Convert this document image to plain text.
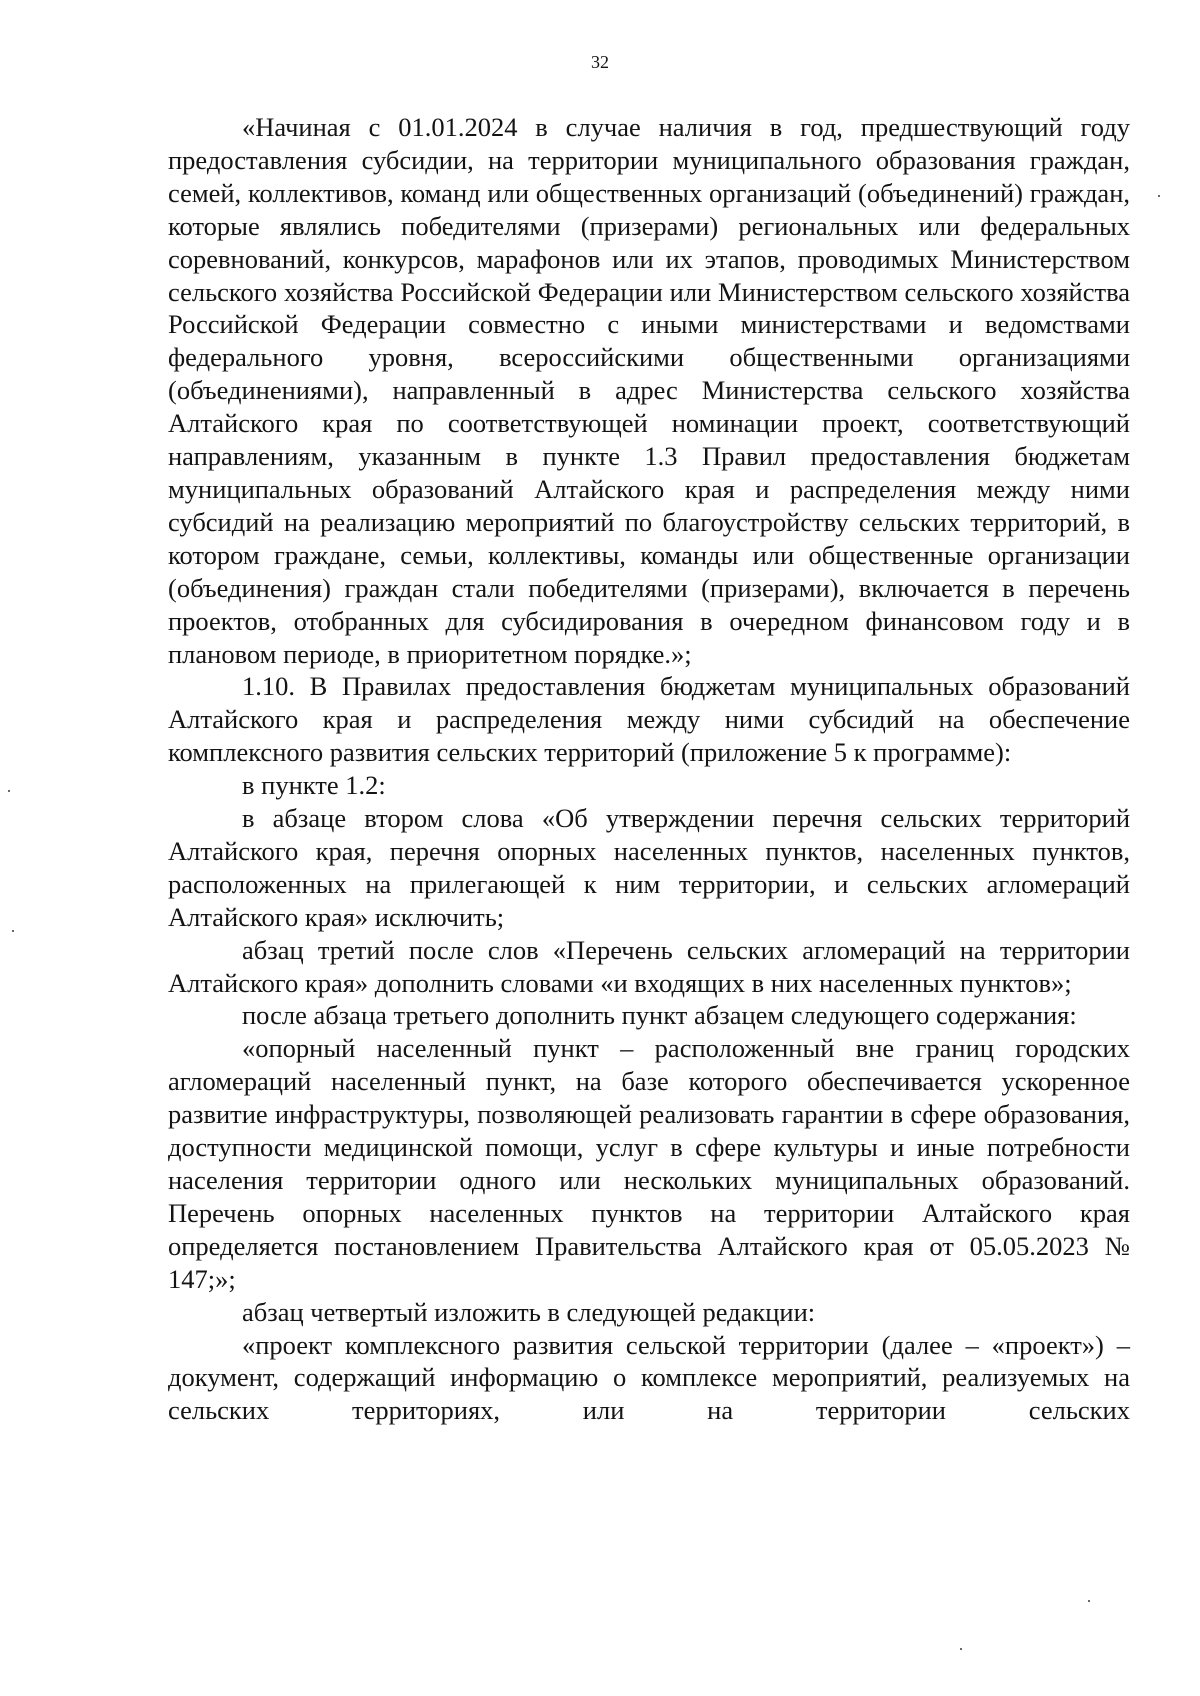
32

«Начиная с 01.01.2024 в случае наличия в год, предшествующий году предоставления субсидии, на территории муниципального образования граждан, семей, коллективов, команд или общественных организаций (объединений) граждан, которые являлись победителями (призерами) региональных или федеральных соревнований, конкурсов, марафонов или их этапов, проводимых Министерством сельского хозяйства Российской Федерации или Министерством сельского хозяйства Российской Федерации совместно с иными министерствами и ведомствами федерального уровня, всероссийскими общественными организациями (объединениями), направленный в адрес Министерства сельского хозяйства Алтайского края по соответствующей номинации проект, соответствующий направлениям, указанным в пункте 1.3 Правил предоставления бюджетам муниципальных образований Алтайского края и распределения между ними субсидий на реализацию мероприятий по благоустройству сельских территорий, в котором граждане, семьи, коллективы, команды или общественные организации (объединения) граждан стали победителями (призерами), включается в перечень проектов, отобранных для субсидирования в очередном финансовом году и в плановом периоде, в приоритетном порядке.»;

1.10. В Правилах предоставления бюджетам муниципальных образований Алтайского края и распределения между ними субсидий на обеспечение комплексного развития сельских территорий (приложение 5 к программе):

в пункте 1.2:

в абзаце втором слова «Об утверждении перечня сельских территорий Алтайского края, перечня опорных населенных пунктов, населенных пунктов, расположенных на прилегающей к ним территории, и сельских агломераций Алтайского края» исключить;

абзац третий после слов «Перечень сельских агломераций на территории Алтайского края» дополнить словами «и входящих в них населенных пунктов»;

после абзаца третьего дополнить пункт абзацем следующего содержания:

«опорный населенный пункт – расположенный вне границ городских агломераций населенный пункт, на базе которого обеспечивается ускоренное развитие инфраструктуры, позволяющей реализовать гарантии в сфере образования, доступности медицинской помощи, услуг в сфере культуры и иные потребности населения территории одного или нескольких муниципальных образований. Перечень опорных населенных пунктов на территории Алтайского края определяется постановлением Правительства Алтайского края от 05.05.2023 № 147;»;

абзац четвертый изложить в следующей редакции:

«проект комплексного развития сельской территории (далее – «проект») – документ, содержащий информацию о комплексе мероприятий, реализуемых на сельских территориях, или на территории сельских
